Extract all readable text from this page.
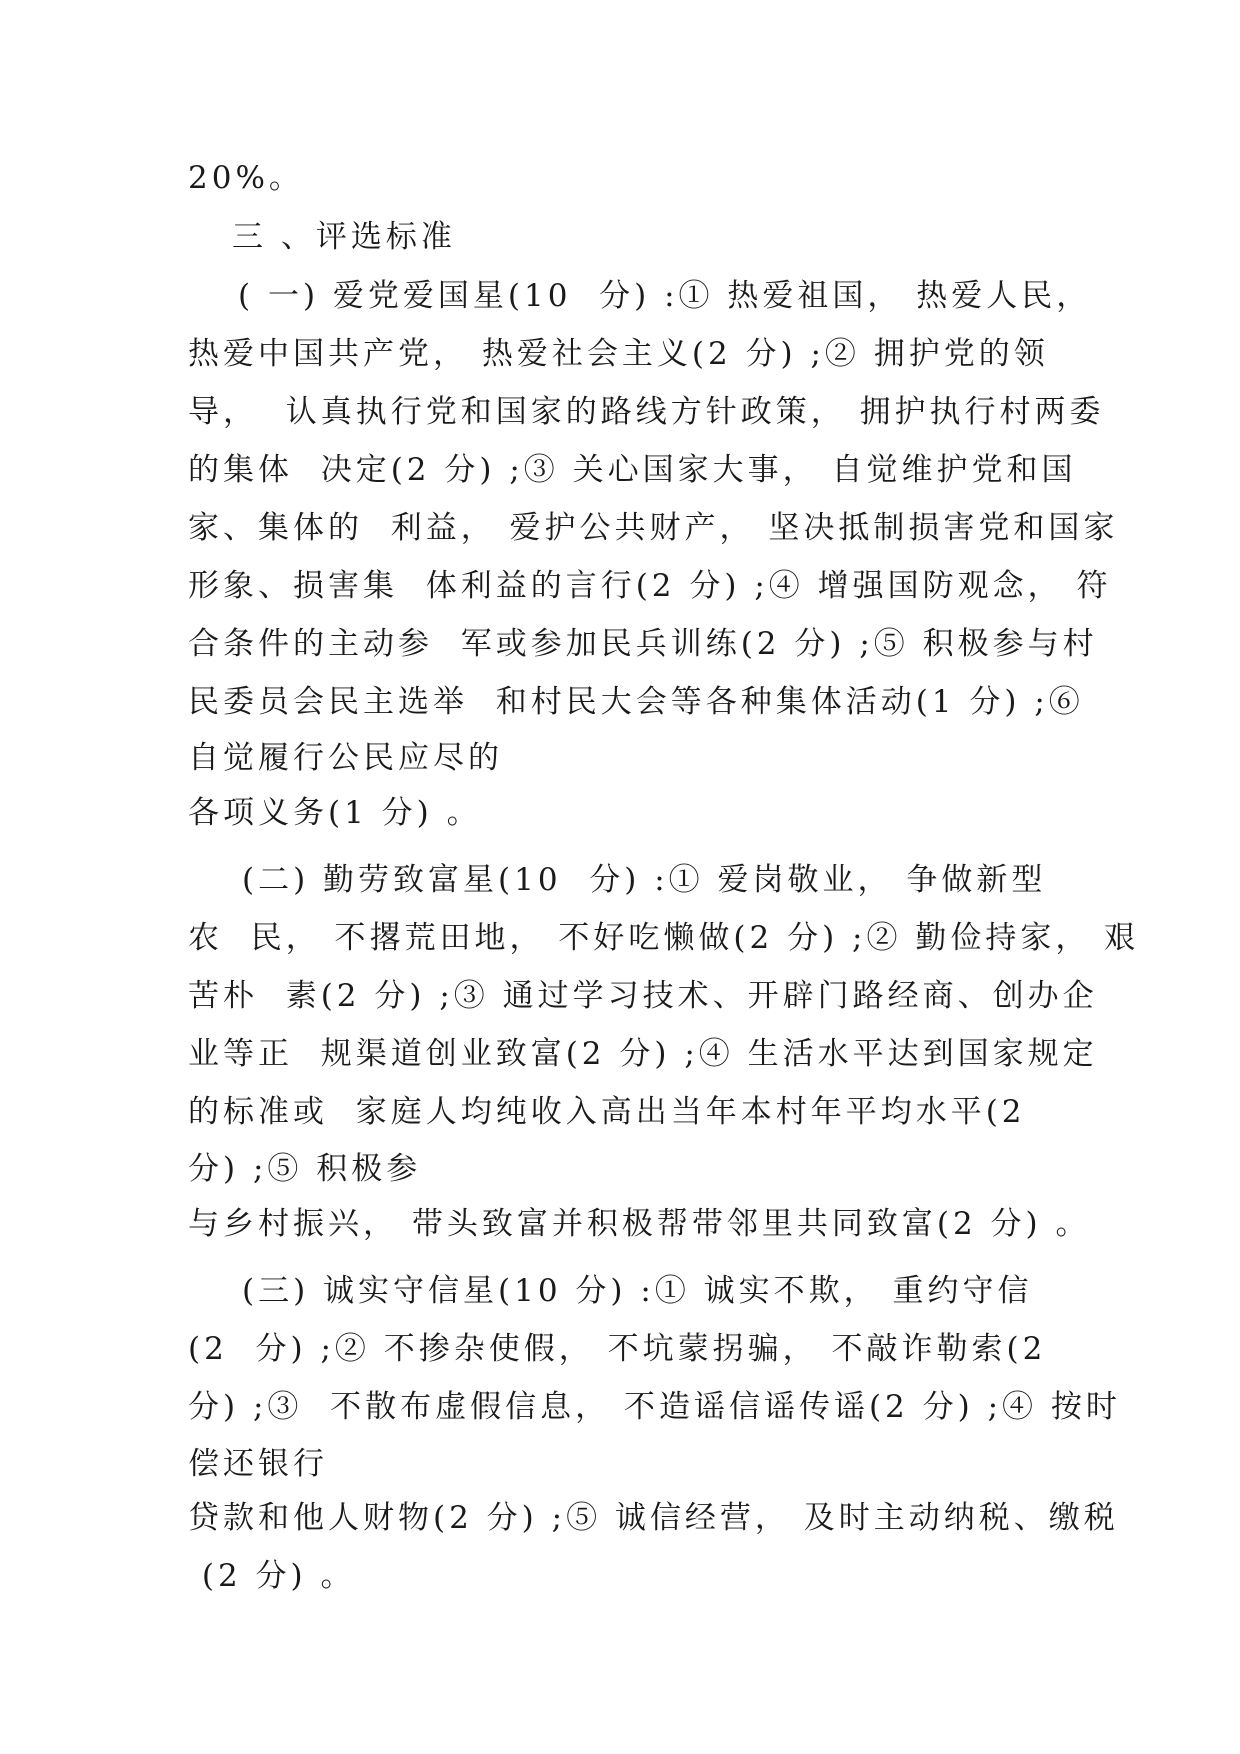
20%。
三 、评选标准
( 一) 爱党爱国星(10  分) :① 热爱祖国， 热爱人民，
热爱中国共产党， 热爱社会主义(2 分) ;② 拥护党的领
导，  认真执行党和国家的路线方针政策， 拥护执行村两委
的集体  决定(2 分) ;③ 关心国家大事， 自觉维护党和国
家、集体的  利益， 爱护公共财产， 坚决抵制损害党和国家
形象、损害集  体利益的言行(2 分) ;④ 增强国防观念， 符
合条件的主动参  军或参加民兵训练(2 分) ;⑤ 积极参与村
民委员会民主选举  和村民大会等各种集体活动(1 分) ;⑥
自觉履行公民应尽的
各项义务(1 分) 。
(二) 勤劳致富星(10  分) :① 爱岗敬业， 争做新型
农  民， 不撂荒田地， 不好吃懒做(2 分) ;② 勤俭持家， 艰
苦朴  素(2 分) ;③ 通过学习技术、开辟门路经商、创办企
业等正  规渠道创业致富(2 分) ;④ 生活水平达到国家规定
的标准或  家庭人均纯收入高出当年本村年平均水平(2
分) ;⑤ 积极参
与乡村振兴， 带头致富并积极帮带邻里共同致富(2 分) 。
(三) 诚实守信星(10 分) :① 诚实不欺， 重约守信
(2  分) ;② 不掺杂使假， 不坑蒙拐骗， 不敲诈勒索(2
分) ;③  不散布虚假信息， 不造谣信谣传谣(2 分) ;④ 按时
偿还银行
贷款和他人财物(2 分) ;⑤ 诚信经营， 及时主动纳税、缴税
(2 分) 。
